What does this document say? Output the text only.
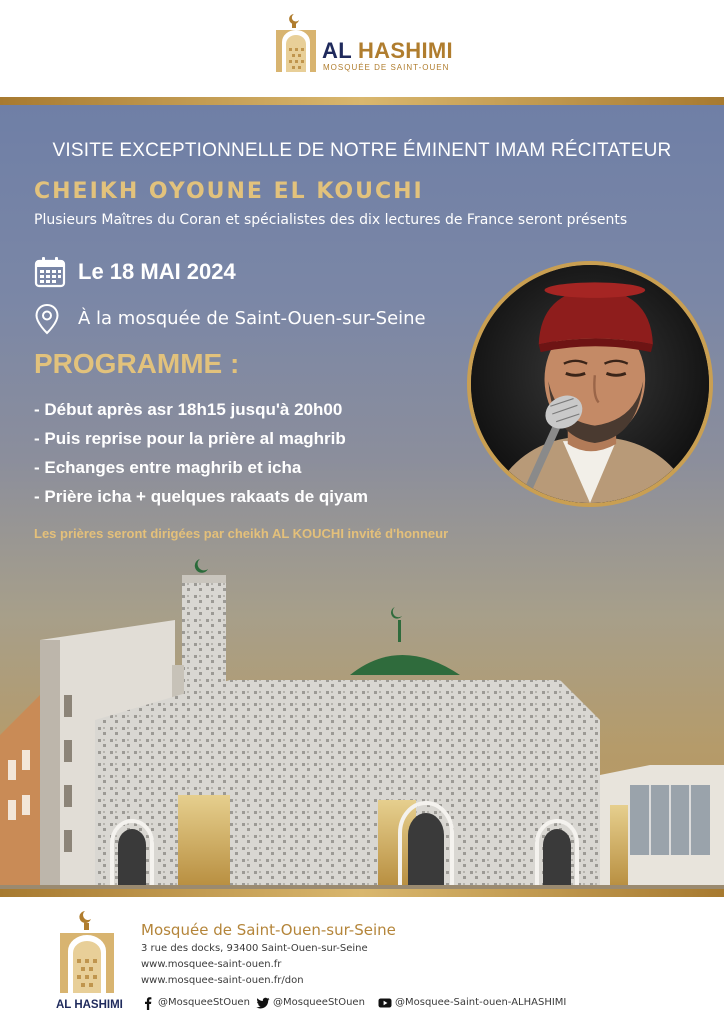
AL HASHIMI
MOSQUÉE DE SAINT-OUEN
VISITE EXCEPTIONNELLE DE NOTRE ÉMINENT IMAM RÉCITATEUR
CHEIKH OYOUNE EL KOUCHI
Plusieurs Maîtres du Coran et spécialistes des dix lectures de France seront présents
Le 18 MAI 2024
À la mosquée de Saint-Ouen-sur-Seine
PROGRAMME :
- Début après asr 18h15 jusqu'à 20h00
- Puis reprise pour la prière al maghrib
- Echanges entre maghrib et icha
- Prière icha + quelques rakaats de qiyam
Les prières seront dirigées par cheikh AL KOUCHI invité d'honneur
AL HASHIMI
Mosquée de Saint-Ouen-sur-Seine
3 rue des docks, 93400 Saint-Ouen-sur-Seine
www.mosquee-saint-ouen.fr
www.mosquee-saint-ouen.fr/don
@MosqueeStOuen @MosqueeStOuen	@Mosquee-Saint-ouen-ALHASHIMI
